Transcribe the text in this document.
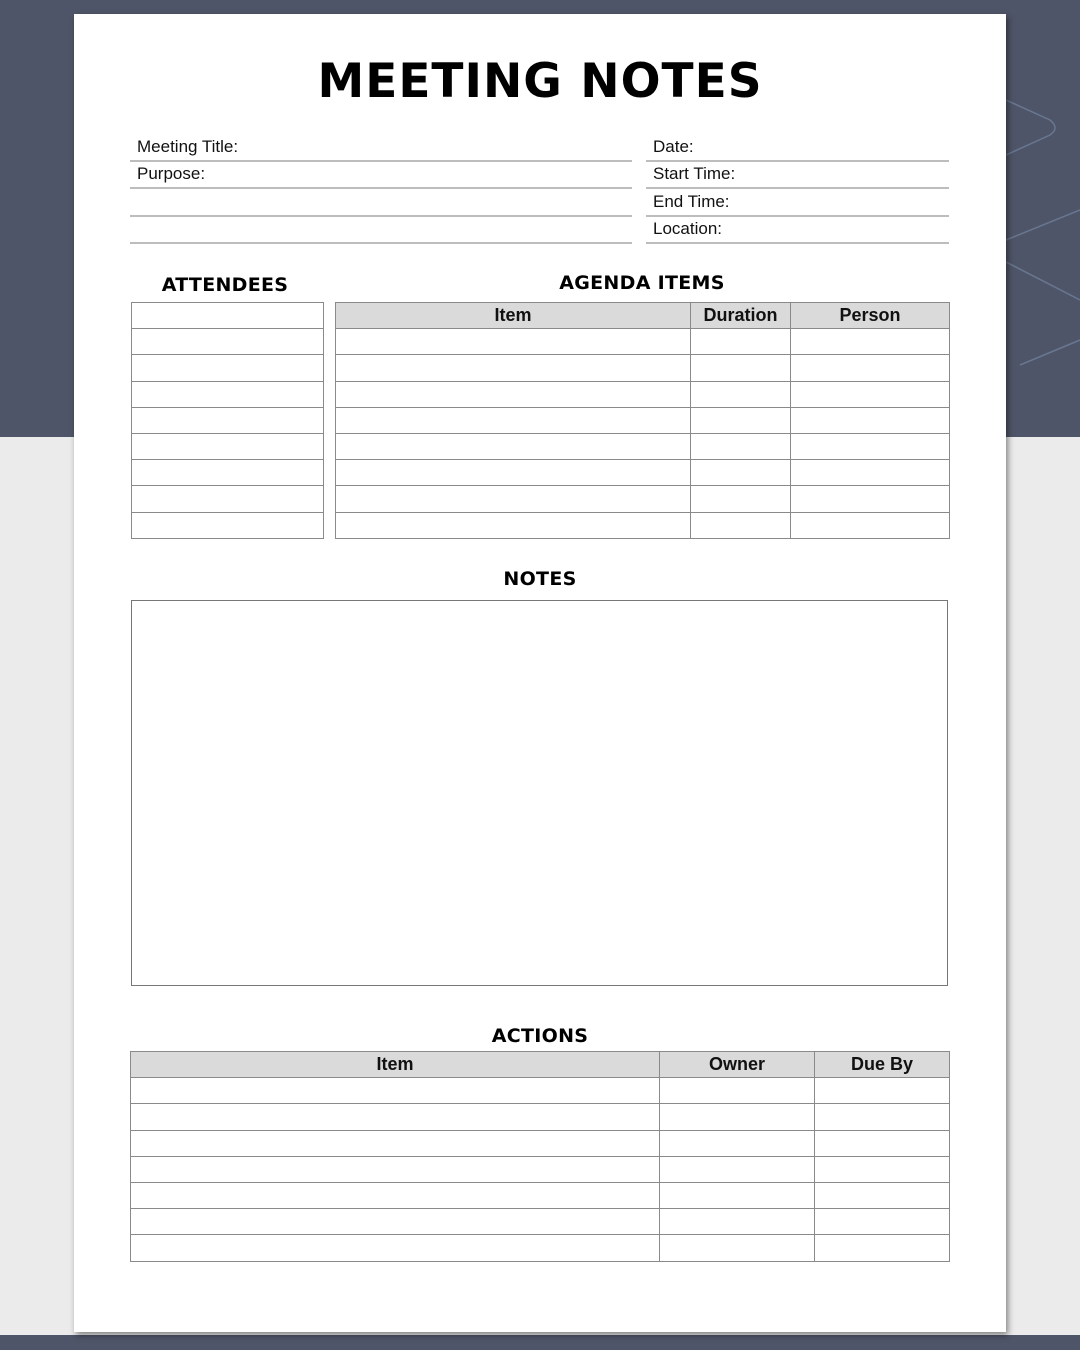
MEETING NOTES
Meeting Title:
Purpose:
Date:
Start Time:
End Time:
Location:
ATTENDEES	AGENDA ITEMS
Item	Duration	Person

NOTES
ACTIONS
Item	Owner	Due By
